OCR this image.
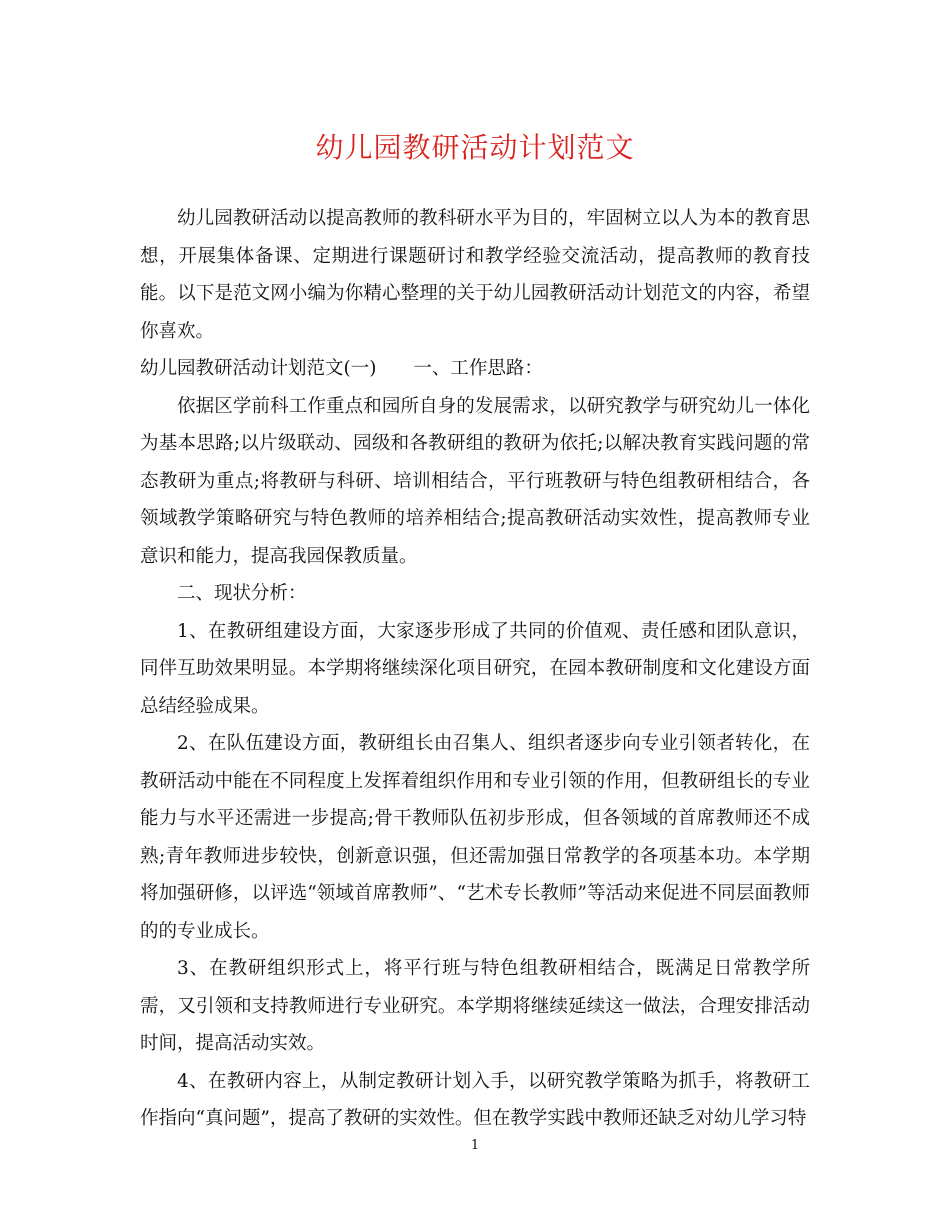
幼儿园教研活动计划范文

幼儿园教研活动以提高教师的教科研水平为目的，牢固树立以人为本的教育思想，开展集体备课、定期进行课题研讨和教学经验交流活动，提高教师的教育技能。以下是范文网小编为你精心整理的关于幼儿园教研活动计划范文的内容，希望你喜欢。

幼儿园教研活动计划范文(一)　　一、工作思路：

依据区学前科工作重点和园所自身的发展需求，以研究教学与研究幼儿一体化为基本思路;以片级联动、园级和各教研组的教研为依托;以解决教育实践问题的常态教研为重点;将教研与科研、培训相结合，平行班教研与特色组教研相结合，各领域教学策略研究与特色教师的培养相结合;提高教研活动实效性，提高教师专业意识和能力，提高我园保教质量。

二、现状分析：

1、在教研组建设方面，大家逐步形成了共同的价值观、责任感和团队意识，同伴互助效果明显。本学期将继续深化项目研究，在园本教研制度和文化建设方面总结经验成果。

2、在队伍建设方面，教研组长由召集人、组织者逐步向专业引领者转化，在教研活动中能在不同程度上发挥着组织作用和专业引领的作用，但教研组长的专业能力与水平还需进一步提高;骨干教师队伍初步形成，但各领域的首席教师还不成熟;青年教师进步较快，创新意识强，但还需加强日常教学的各项基本功。本学期将加强研修，以评选“领域首席教师”、“艺术专长教师”等活动来促进不同层面教师的的专业成长。

3、在教研组织形式上，将平行班与特色组教研相结合，既满足日常教学所需，又引领和支持教师进行专业研究。本学期将继续延续这一做法，合理安排活动时间，提高活动实效。

4、在教研内容上，从制定教研计划入手，以研究教学策略为抓手，将教研工作指向“真问题”，提高了教研的实效性。但在教学实践中教师还缺乏对幼儿学习特

1
